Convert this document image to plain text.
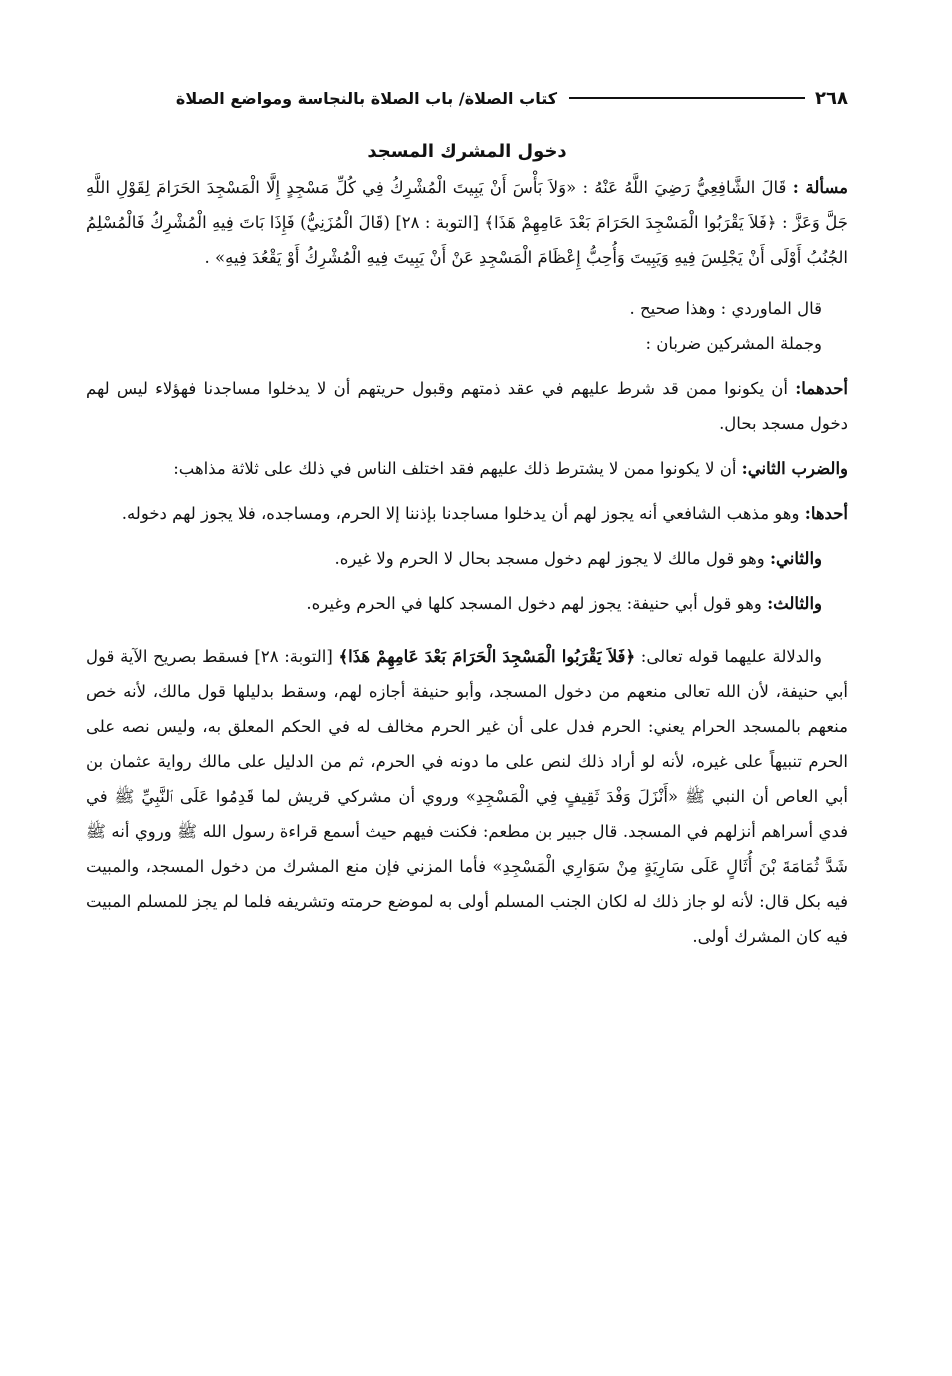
٢٦٨
كتاب الصلاة/ باب الصلاة بالنجاسة ومواضع الصلاة
دخول المشرك المسجد

مسألة : قَالَ الشَّافِعِيُّ رَضِيَ اللَّهُ عَنْهُ : «وَلاَ بَأْسَ أَنْ يَبِيتَ الْمُشْرِكُ فِي كُلِّ مَسْجِدٍ إِلَّا الْمَسْجِدَ الحَرَامَ لِقَوْلِ اللَّهِ جَلَّ وَعَزَّ : ﴿فَلاَ يَقْرَبُوا الْمَسْجِدَ الحَرَامَ بَعْدَ عَامِهِمْ هَذَا﴾ [التوبة : ٢٨] (قَالَ الْمُزَنِيُّ) فَإِذَا بَاتَ فِيهِ الْمُشْرِكُ فَالْمُسْلِمُ الجُنُبُ أَوْلَى أَنْ يَجْلِسَ فِيهِ وَيَبِيتَ وَأُحِبُّ إِعْظَامَ الْمَسْجِدِ عَنْ أَنْ يَبِيتَ فِيهِ الْمُشْرِكُ أَوْ يَقْعُدَ فِيهِ» .

قال الماوردي : وهذا صحيح .

وجملة المشركين ضربان :

أحدهما: أن يكونوا ممن قد شرط عليهم في عقد ذمتهم وقبول حريتهم أن لا يدخلوا مساجدنا فهؤلاء ليس لهم دخول مسجد بحال.

والضرب الثاني: أن لا يكونوا ممن لا يشترط ذلك عليهم فقد اختلف الناس في ذلك على ثلاثة مذاهب:

أحدها: وهو مذهب الشافعي أنه يجوز لهم أن يدخلوا مساجدنا بإذننا إلا الحرم، ومساجده، فلا يجوز لهم دخوله.

والثاني: وهو قول مالك لا يجوز لهم دخول مسجد بحال لا الحرم ولا غيره.

والثالث: وهو قول أبي حنيفة: يجوز لهم دخول المسجد كلها في الحرم وغيره.

والدلالة عليهما قوله تعالى: ﴿فَلاَ يَقْرَبُوا الْمَسْجِدَ الْحَرَامَ بَعْدَ عَامِهِمْ هَذَا﴾ [التوبة: ٢٨] فسقط بصريح الآية قول أبي حنيفة، لأن الله تعالى منعهم من دخول المسجد، وأبو حنيفة أجازه لهم، وسقط بدليلها قول مالك، لأنه خص منعهم بالمسجد الحرام يعني: الحرم فدل على أن غير الحرم مخالف له في الحكم المعلق به، وليس نصه على الحرم تنبيهاً على غيره، لأنه لو أراد ذلك لنص على ما دونه في الحرم، ثم من الدليل على مالك رواية عثمان بن أبي العاص أن النبي ﷺ «أَنْزَلَ وَفْدَ ثَقِيفٍ فِي الْمَسْجِدِ» وروي أن مشركي قريش لما قَدِمُوا عَلَى ٱلنَّبِيِّ ﷺ في فدي أسراهم أنزلهم في المسجد. قال جبير بن مطعم: فكنت فيهم حيث أسمع قراءة رسول الله ﷺ وروي أنه ﷺ شَدَّ ثُمَامَةَ بْنَ أُثَالٍ عَلَى سَارِيَةٍ مِنْ سَوَارِي الْمَسْجِدِ» فأما المزني فإن منع المشرك من دخول المسجد، والمبيت فيه بكل قال: لأنه لو جاز ذلك له لكان الجنب المسلم أولى به لموضع حرمته وتشريفه فلما لم يجز للمسلم المبيت فيه كان المشرك أولى.
